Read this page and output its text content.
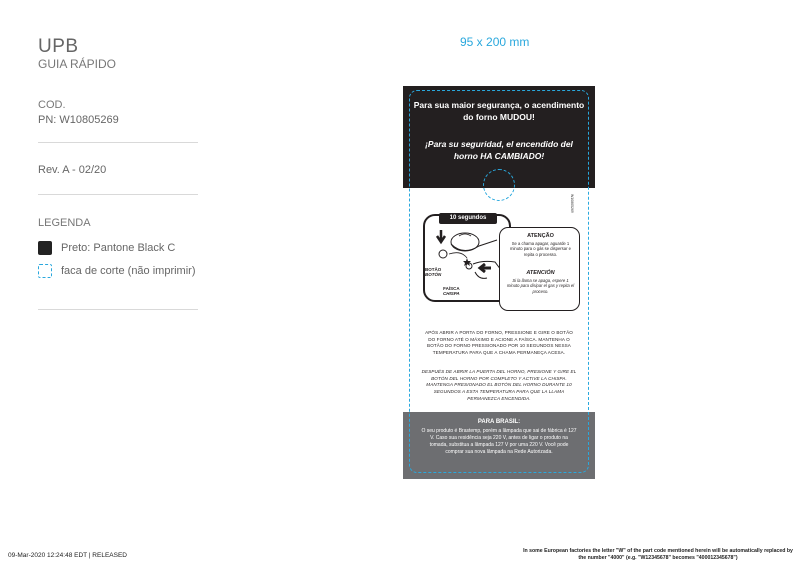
UPB
GUIA RÁPIDO
COD.
PN: W10805269
Rev. A - 02/20
LEGENDA
Preto: Pantone Black C
faca de corte (não imprimir)
95 x 200 mm
Para sua maior segurança, o acendimento do forno MUDOU!
¡Para su seguridad, el encendido del horno HA CAMBIADO!
W10805269
10 segundos
BOTÃO
BOTÓN
FAÍSCA
CHISPA
ATENÇÃO
Se a chama apagar, aguarde 1 minuto para o gás se dispersar e repita o processo.
ATENCIÓN
Si la llama se apaga, espere 1 minuto para disipar el gas y repita el proceso.
APÓS ABRIR A PORTA DO FORNO, PRESSIONE E GIRE O BOTÃO DO FORNO ATÉ O MÁXIMO E ACIONE A FAÍSCA. MANTENHA O BOTÃO DO FORNO PRESSIONADO POR 10 SEGUNDOS NESSA TEMPERATURA PARA QUE A CHAMA PERMANEÇA ACESA.
DESPUÉS DE ABRIR LA PUERTA DEL HORNO, PRESIONE Y GIRE EL BOTÓN DEL HORNO POR COMPLETO Y ACTIVE LA CHISPA. MANTENGA PRESIONADO EL BOTÓN DEL HORNO DURANTE 10 SEGUNDOS A ESTA TEMPERATURA PARA QUE LA LLAMA PERMANEZCA ENCENDIDA.
PARA BRASIL:
O seu produto é Brastemp, porém a lâmpada que sai de fábrica é 127 V. Caso sua residência seja 220 V, antes de ligar o produto na tomada, substitua a lâmpada 127 V por uma 220 V. Você pode comprar sua nova lâmpada na Rede Autorizada.
09-Mar-2020 12:24:48 EDT | RELEASED
In some European factories the letter "W" of the part code mentioned herein will be automatically replaced by the number "4000" (e.g. "W12345678" becomes "400012345678")
